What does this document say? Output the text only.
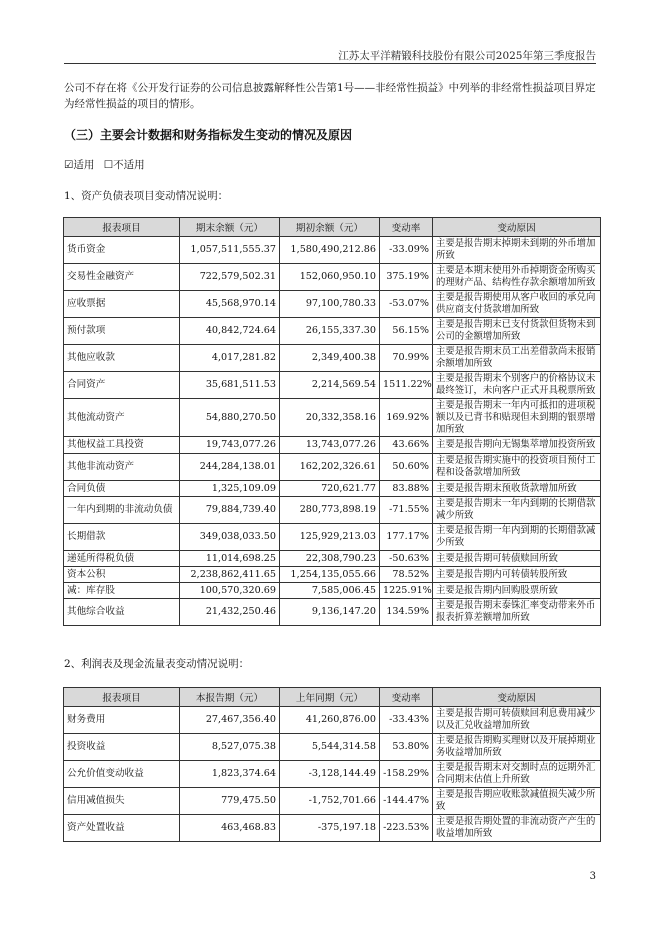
江苏太平洋精锻科技股份有限公司2025年第三季度报告
公司不存在将《公开发行证券的公司信息披露解释性公告第1号——非经常性损益》中列举的非经常性损益项目界定为经常性损益的项目的情形。
（三）主要会计数据和财务指标发生变动的情况及原因
☑适用 ☐不适用
1、资产负债表项目变动情况说明：
报表项目	期末余额（元）	期初余额（元）	变动率	变动原因
货币资金	1,057,511,555.37	1,580,490,212.86	-33.09%	主要是报告期末掉期未到期的外币增加所致
交易性金融资产	722,579,502.31	152,060,950.10	375.19%	主要是本期末使用外币掉期资金所购买的理财产品、结构性存款余额增加所致
应收票据	45,568,970.14	97,100,780.33	-53.07%	主要是报告期使用从客户收回的承兑向供应商支付货款增加所致
预付款项	40,842,724.64	26,155,337.30	56.15%	主要是报告期末已支付货款但货物未到公司的金额增加所致
其他应收款	4,017,281.82	2,349,400.38	70.99%	主要是报告期末员工出差借款尚未报销余额增加所致
合同资产	35,681,511.53	2,214,569.54	1511.22%	主要是报告期末个别客户的价格协议未最终签订，未向客户正式开具税票所致
其他流动资产	54,880,270.50	20,332,358.16	169.92%	主要是报告期末一年内可抵扣的进项税额以及已背书和贴现但未到期的银票增加所致
其他权益工具投资	19,743,077.26	13,743,077.26	43.66%	主要是报告期向无锡集萃增加投资所致
其他非流动资产	244,284,138.01	162,202,326.61	50.60%	主要是报告期实施中的投资项目预付工程和设备款增加所致
合同负债	1,325,109.09	720,621.77	83.88%	主要是报告期末预收货款增加所致
一年内到期的非流动负债	79,884,739.40	280,773,898.19	-71.55%	主要是报告期末一年内到期的长期借款减少所致
长期借款	349,038,033.50	125,929,213.03	177.17%	主要是报告期一年内到期的长期借款减少所致
递延所得税负债	11,014,698.25	22,308,790.23	-50.63%	主要是报告期可转债赎回所致
资本公积	2,238,862,411.65	1,254,135,055.66	78.52%	主要是报告期内可转债转股所致
减：库存股	100,570,320.69	7,585,006.45	1225.91%	主要是报告期内回购股票所致
其他综合收益	21,432,250.46	9,136,147.20	134.59%	主要是报告期末泰铢汇率变动带来外币报表折算差额增加所致
2、利润表及现金流量表变动情况说明：
报表项目	本报告期（元）	上年同期（元）	变动率	变动原因
财务费用	27,467,356.40	41,260,876.00	-33.43%	主要是报告期可转债赎回利息费用减少以及汇兑收益增加所致
投资收益	8,527,075.38	5,544,314.58	53.80%	主要是报告期购买理财以及开展掉期业务收益增加所致
公允价值变动收益	1,823,374.64	-3,128,144.49	-158.29%	主要是报告期末对交割时点的远期外汇合同期末估值上升所致
信用减值损失	779,475.50	-1,752,701.66	-144.47%	主要是报告期应收账款减值损失减少所致
资产处置收益	463,468.83	-375,197.18	-223.53%	主要是报告期处置的非流动资产产生的收益增加所致
3
